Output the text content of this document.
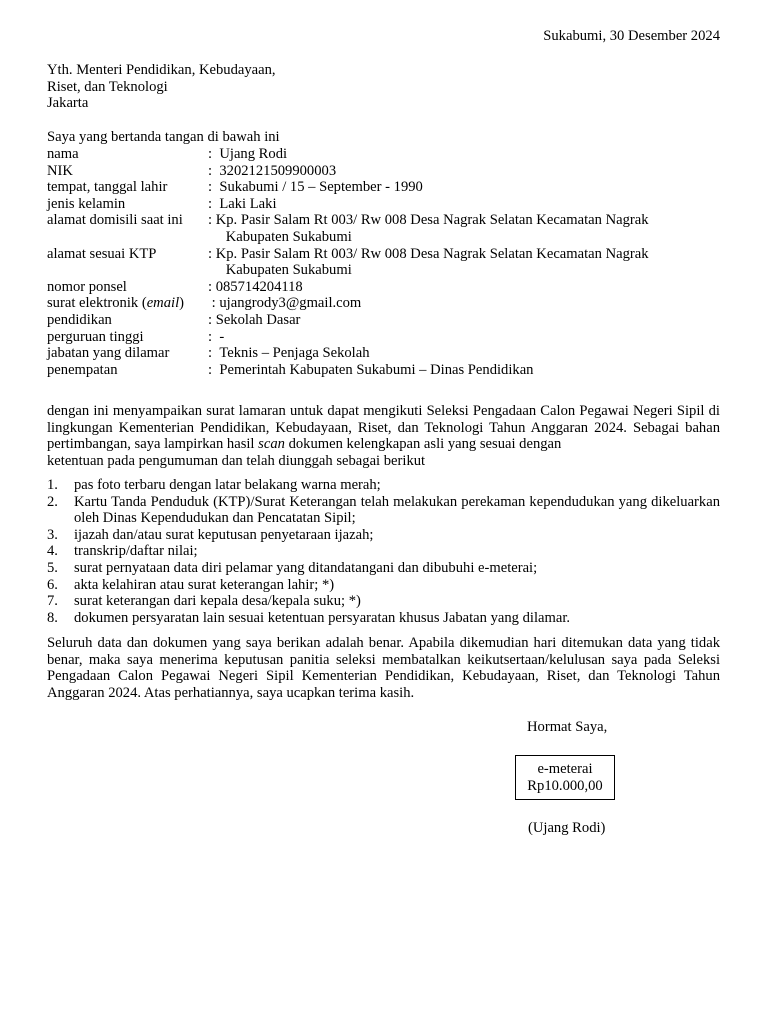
Sukabumi, 30 Desember 2024
Yth. Menteri Pendidikan, Kebudayaan,
Riset, dan Teknologi
Jakarta
Saya yang bertanda tangan di bawah ini
nama	: Ujang Rodi
NIK	: 3202121509900003
tempat, tanggal lahir	: Sukabumi / 15 – September - 1990
jenis kelamin	: Laki Laki
alamat domisili saat ini	: Kp. Pasir Salam Rt 003/ Rw 008 Desa Nagrak Selatan Kecamatan Nagrak
Kabupaten Sukabumi
alamat sesuai KTP	: Kp. Pasir Salam Rt 003/ Rw 008 Desa Nagrak Selatan Kecamatan Nagrak
Kabupaten Sukabumi
nomor ponsel	: 085714204118
surat elektronik (email)	: ujangrody3@gmail.com
pendidikan	: Sekolah Dasar
perguruan tinggi	: -
jabatan yang dilamar	: Teknis – Penjaga Sekolah
penempatan	: Pemerintah Kabupaten Sukabumi – Dinas Pendidikan
dengan ini menyampaikan surat lamaran untuk dapat mengikuti Seleksi Pengadaan Calon Pegawai Negeri Sipil di lingkungan Kementerian Pendidikan, Kebudayaan, Riset, dan Teknologi Tahun Anggaran 2024. Sebagai bahan pertimbangan, saya lampirkan hasil scan dokumen kelengkapan asli yang sesuai dengan
ketentuan pada pengumuman dan telah diunggah sebagai berikut
1.	pas foto terbaru dengan latar belakang warna merah;
2.	Kartu Tanda Penduduk (KTP)/Surat Keterangan telah melakukan perekaman kependudukan yang dikeluarkan oleh Dinas Kependudukan dan Pencatatan Sipil;
3.	ijazah dan/atau surat keputusan penyetaraan ijazah;
4.	transkrip/daftar nilai;
5.	surat pernyataan data diri pelamar yang ditandatangani dan dibubuhi e-meterai;
6.	akta kelahiran atau surat keterangan lahir; *)
7.	surat keterangan dari kepala desa/kepala suku; *)
8.	dokumen persyaratan lain sesuai ketentuan persyaratan khusus Jabatan yang dilamar.
Seluruh data dan dokumen yang saya berikan adalah benar. Apabila dikemudian hari ditemukan data yang tidak benar, maka saya menerima keputusan panitia seleksi membatalkan keikutsertaan/kelulusan saya pada Seleksi Pengadaan Calon Pegawai Negeri Sipil Kementerian Pendidikan, Kebudayaan, Riset, dan Teknologi Tahun Anggaran 2024. Atas perhatiannya, saya ucapkan terima kasih.
Hormat Saya,
e-meterai
Rp10.000,00
(Ujang Rodi)
